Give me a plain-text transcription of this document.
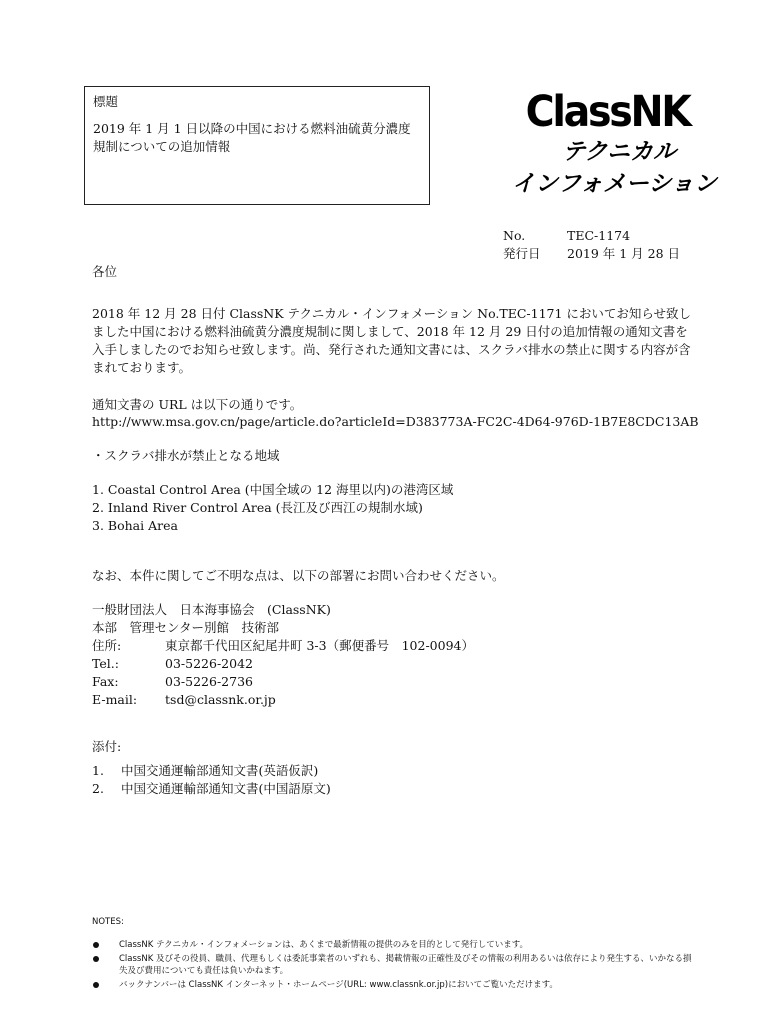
標題
2019 年 1 月 1 日以降の中国における燃料油硫黄分濃度規制についての追加情報
ClassNK
テクニカル
インフォメーション
No.	TEC-1174
発行日	2019 年 1 月 28 日
各位
2018 年 12 月 28 日付 ClassNK テクニカル・インフォメーション No.TEC-1171 においてお知らせ致しました中国における燃料油硫黄分濃度規制に関しまして、2018 年 12 月 29 日付の追加情報の通知文書を入手しましたのでお知らせ致します。尚、発行された通知文書には、スクラバ排水の禁止に関する内容が含まれております。
通知文書の URL は以下の通りです。
http://www.msa.gov.cn/page/article.do?articleId=D383773A-FC2C-4D64-976D-1B7E8CDC13AB
・スクラバ排水が禁止となる地域
1. Coastal Control Area (中国全域の 12 海里以内)の港湾区域
2. Inland River Control Area (長江及び西江の規制水域)
3. Bohai Area
なお、本件に関してご不明な点は、以下の部署にお問い合わせください。
一般財団法人　日本海事協会　(ClassNK)
本部　管理センター別館　技術部
住所:	東京都千代田区紀尾井町 3-3（郵便番号　102-0094）
Tel.:	03-5226-2042
Fax:	03-5226-2736
E-mail:	tsd@classnk.or.jp
添付:
1.	中国交通運輸部通知文書(英語仮訳)
2.	中国交通運輸部通知文書(中国語原文)
NOTES:
ClassNK テクニカル・インフォメーションは、あくまで最新情報の提供のみを目的として発行しています。
ClassNK 及びその役員、職員、代理もしくは委託事業者のいずれも、掲載情報の正確性及びその情報の利用あるいは依存により発生する、いかなる損失及び費用についても責任は負いかねます。
バックナンバーは ClassNK インターネット・ホームページ(URL: www.classnk.or.jp)においてご覧いただけます。
